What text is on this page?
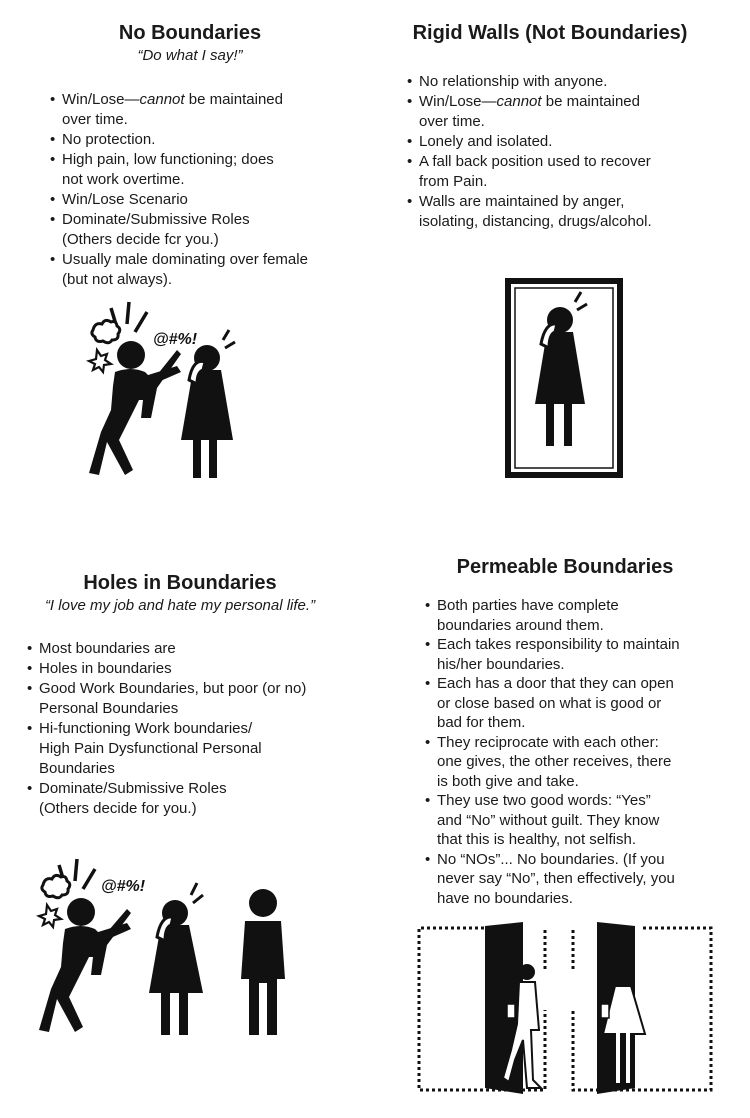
No Boundaries

“Do what I say!”

• Win/Lose—cannot be maintained
over time.
• No protection.
• High pain, low functioning; does
not work overtime.
• Win/Lose Scenario
• Dominate/Submissive Roles
(Others decide fcr you.)
• Usually male dominating over female
(but not always).
@#%!
Rigid Walls (Not Boundaries)
• No relationship with anyone.
• Win/Lose—cannot be maintained
over time.
• Lonely and isolated.
• A fall back position used to recover
from Pain.
• Walls are maintained by anger,
isolating, distancing, drugs/alcohol.
Holes in Boundaries

“I love my job and hate my personal life.”

• Most boundaries are
• Holes in boundaries
• Good Work Boundaries, but poor (or no)
Personal Boundaries
• Hi-functioning Work boundaries/
High Pain Dysfunctional Personal
Boundaries
• Dominate/Submissive Roles
(Others decide for you.)
@#%!
Permeable Boundaries
• Both parties have complete
boundaries around them.
• Each takes responsibility to maintain
his/her boundaries.
• Each has a door that they can open
or close based on what is good or
bad for them.
• They reciprocate with each other:
one gives, the other receives, there
is both give and take.
• They use two good words: “Yes”
and “No” without guilt. They know
that this is healthy, not selfish.
• No “NOs”... No boundaries. (If you
never say “No”, then effectively, you
have no boundaries.
